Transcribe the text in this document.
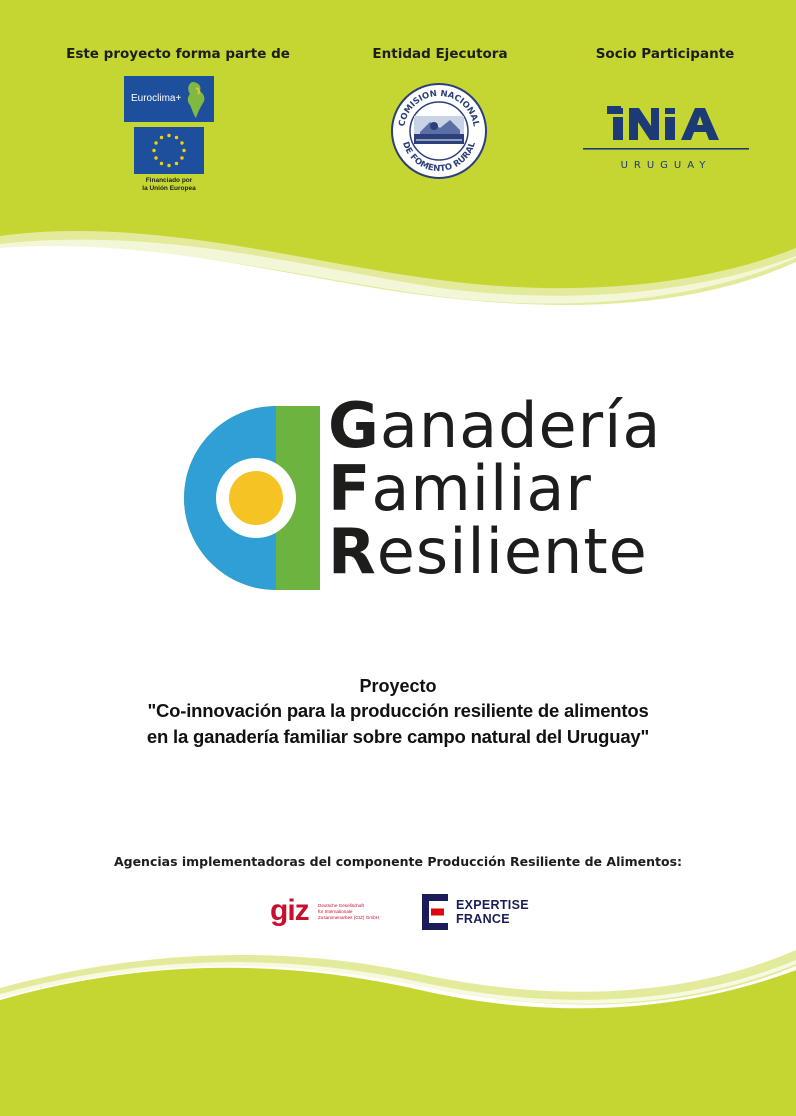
Este proyecto forma parte de	Entidad Ejecutora	Socio Participante
Euroclima+
Financiado por
la Unión Europea
COMISION NACIONAL
DE FOMENTO RURAL
URUGUAY
Ganadería
Familiar
Resiliente
Proyecto
"Co-innovación para la producción resiliente de alimentos
en la ganadería familiar sobre campo natural del Uruguay"
Agencias implementadoras del componente Producción Resiliente de Alimentos:
giz Deutsche Gesellschaft
für Internationale
Zusammenarbeit (GIZ) GmbH
EXPERTISE
FRANCE
